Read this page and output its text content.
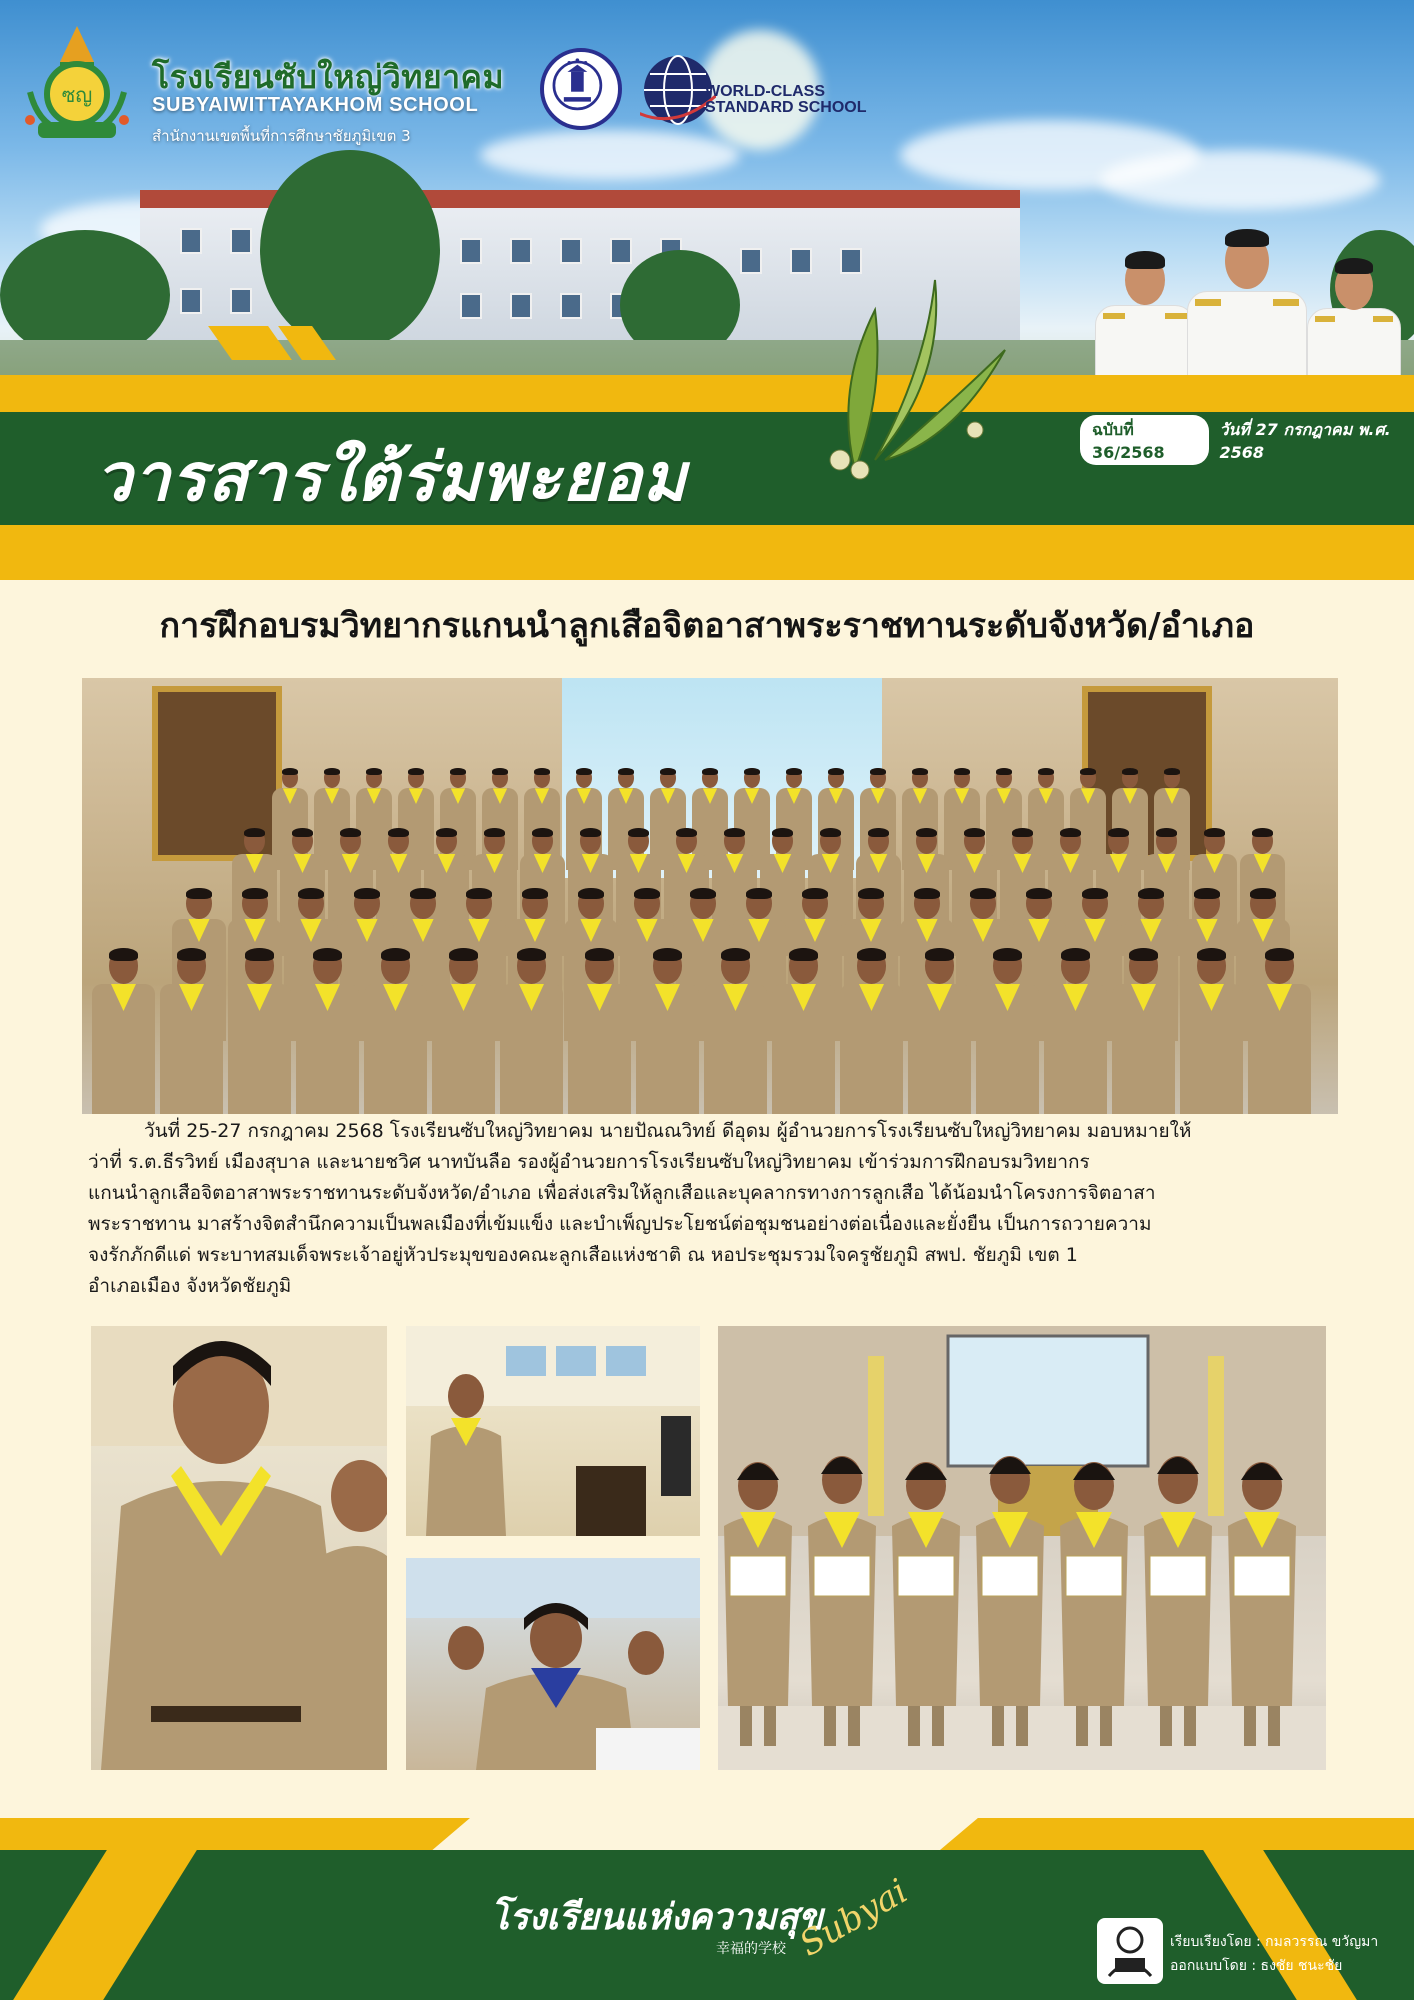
ซญ โรงเรียนซับใหญ่วิทยาคม
SUBYAIWITTAYAKHOM SCHOOL
สำนักงานเขตพื้นที่การศึกษาชัยภูมิเขต 3
WORLD-CLASS
STANDARD SCHOOL
วารสารใต้ร่มพะยอม
ฉบับที่ 36/2568
วันที่ 27 กรกฎาคม พ.ศ. 2568
การฝึกอบรมวิทยากรแกนนำลูกเสือจิตอาสาพระราชทานระดับจังหวัด/อำเภอ

วันที่ 25-27 กรกฎาคม 2568 โรงเรียนซับใหญ่วิทยาคม นายปัณณวิทย์ ดีอุดม ผู้อำนวยการโรงเรียนซับใหญ่วิทยาคม มอบหมายให้

ว่าที่ ร.ต.ธีรวิทย์ เมืองสุบาล และนายชวิศ นาทบันลือ รองผู้อำนวยการโรงเรียนซับใหญ่วิทยาคม เข้าร่วมการฝึกอบรมวิทยากร

แกนนำลูกเสือจิตอาสาพระราชทานระดับจังหวัด/อำเภอ เพื่อส่งเสริมให้ลูกเสือและบุคลากรทางการลูกเสือ ได้น้อมนำโครงการจิตอาสา

พระราชทาน มาสร้างจิตสำนึกความเป็นพลเมืองที่เข้มแข็ง และบำเพ็ญประโยชน์ต่อชุมชนอย่างต่อเนื่องและยั่งยืน เป็นการถวายความ

จงรักภักดีแด่ พระบาทสมเด็จพระเจ้าอยู่หัวประมุขของคณะลูกเสือแห่งชาติ ณ หอประชุมรวมใจครูชัยภูมิ สพป. ชัยภูมิ เขต 1

อำเภอเมือง จังหวัดชัยภูมิ

โรงเรียนแห่งความสุข
幸福的学校 Subyai	เรียบเรียงโดย : กมลวรรณ ขวัญมา
ออกแบบโดย : ธงชัย ชนะชัย
